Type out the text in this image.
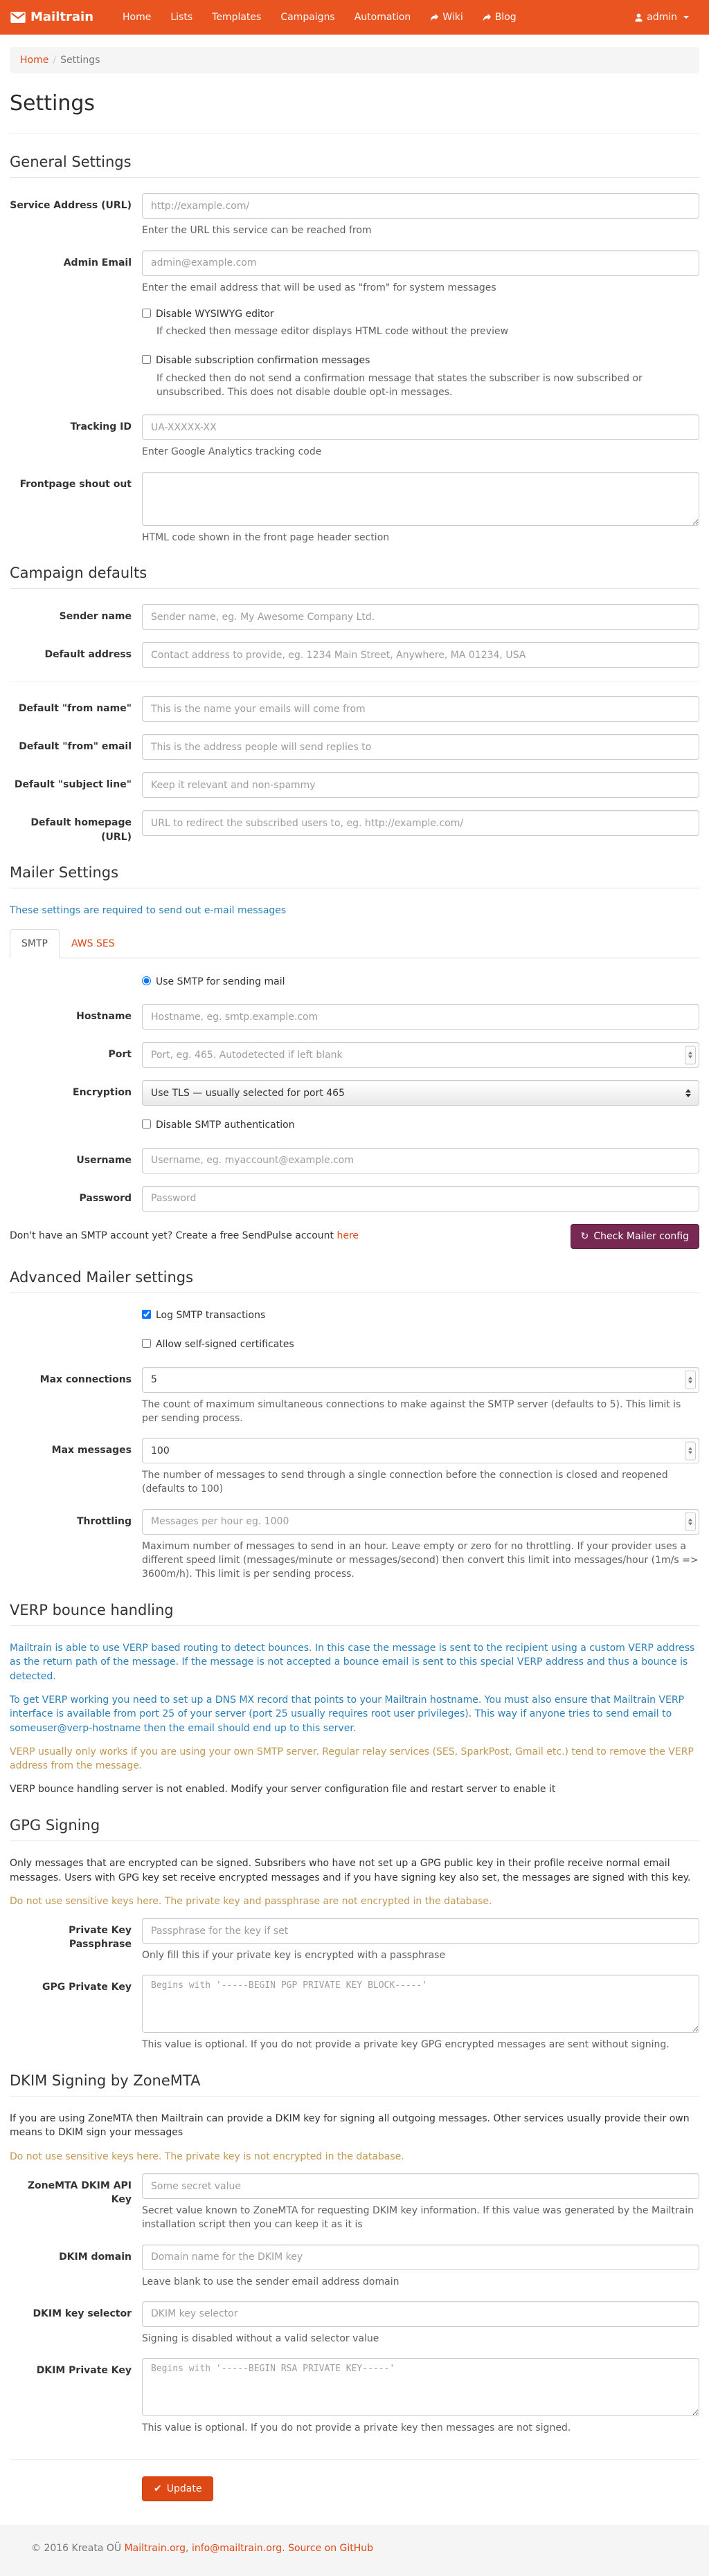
Mailtrain	Home	Lists	Templates	Campaigns	Automation	Wiki	Blog	admin
Home / Settings
Settings
General Settings
Service Address (URL)
http://example.com/
Enter the URL this service can be reached from
Admin Email
admin@example.com
Enter the email address that will be used as "from" for system messages
Disable WYSIWYG editor
If checked then message editor displays HTML code without the preview
Disable subscription confirmation messages
If checked then do not send a confirmation message that states the subscriber is now subscribed or unsubscribed. This does not disable double opt-in messages.
Tracking ID
UA-XXXXX-XX
Enter Google Analytics tracking code
Frontpage shout out
HTML code shown in the front page header section
Campaign defaults
Sender name
Sender name, eg. My Awesome Company Ltd.
Default address
Contact address to provide, eg. 1234 Main Street, Anywhere, MA 01234, USA
Default "from name"
This is the name your emails will come from
Default "from" email
This is the address people will send replies to
Default "subject line"
Keep it relevant and non-spammy
Default homepage (URL)
URL to redirect the subscribed users to, eg. http://example.com/
Mailer Settings
These settings are required to send out e-mail messages
SMTP	AWS SES
Use SMTP for sending mail
Hostname
Hostname, eg. smtp.example.com
Port
Port, eg. 465. Autodetected if left blank
Encryption Use TLS — usually selected for port 465
Disable SMTP authentication
Username
Username, eg. myaccount@example.com
Password
Don't have an SMTP account yet? Create a free SendPulse account here	↻ Check Mailer config
Advanced Mailer settings
Log SMTP transactions
Allow self-signed certificates
Max connections
5
The count of maximum simultaneous connections to make against the SMTP server (defaults to 5). This limit is per sending process.
Max messages
100
The number of messages to send through a single connection before the connection is closed and reopened (defaults to 100)
Throttling
Messages per hour eg. 1000
Maximum number of messages to send in an hour. Leave empty or zero for no throttling. If your provider uses a different speed limit (messages/minute or messages/second) then convert this limit into messages/hour (1m/s => 3600m/h). This limit is per sending process.
VERP bounce handling
Mailtrain is able to use VERP based routing to detect bounces. In this case the message is sent to the recipient using a custom VERP address as the return path of the message. If the message is not accepted a bounce email is sent to this special VERP address and thus a bounce is detected.
To get VERP working you need to set up a DNS MX record that points to your Mailtrain hostname. You must also ensure that Mailtrain VERP interface is available from port 25 of your server (port 25 usually requires root user privileges). This way if anyone tries to send email to someuser@verp-hostname then the email should end up to this server.
VERP usually only works if you are using your own SMTP server. Regular relay services (SES, SparkPost, Gmail etc.) tend to remove the VERP address from the message.
VERP bounce handling server is not enabled. Modify your server configuration file and restart server to enable it
GPG Signing
Only messages that are encrypted can be signed. Subsribers who have not set up a GPG public key in their profile receive normal email messages. Users with GPG key set receive encrypted messages and if you have signing key also set, the messages are signed with this key.
Do not use sensitive keys here. The private key and passphrase are not encrypted in the database.
Private Key Passphrase
Passphrase for the key if set
Only fill this if your private key is encrypted with a passphrase
GPG Private Key
Begins with '-----BEGIN PGP PRIVATE KEY BLOCK-----'
This value is optional. If you do not provide a private key GPG encrypted messages are sent without signing.
DKIM Signing by ZoneMTA
If you are using ZoneMTA then Mailtrain can provide a DKIM key for signing all outgoing messages. Other services usually provide their own means to DKIM sign your messages
Do not use sensitive keys here. The private key is not encrypted in the database.
ZoneMTA DKIM API Key
Some secret value
Secret value known to ZoneMTA for requesting DKIM key information. If this value was generated by the Mailtrain installation script then you can keep it as it is
DKIM domain
Domain name for the DKIM key
Leave blank to use the sender email address domain
DKIM key selector
DKIM key selector
Signing is disabled without a valid selector value
DKIM Private Key
Begins with '-----BEGIN RSA PRIVATE KEY-----'
This value is optional. If you do not provide a private key then messages are not signed.
✔ Update
© 2016 Kreata OÜ Mailtrain.org, info@mailtrain.org. Source on GitHub
